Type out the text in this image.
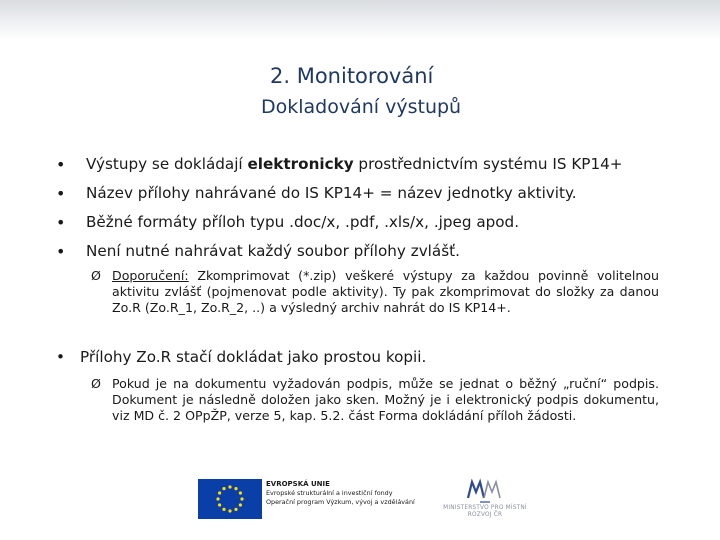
2. Monitorování
Dokladování výstupů
• Výstupy se dokládají elektronicky prostřednictvím systému IS KP14+
• Název přílohy nahrávané do IS KP14+ = název jednotky aktivity.
• Běžné formáty příloh typu .doc/x, .pdf, .xls/x, .jpeg apod.
• Není nutné nahrávat každý soubor přílohy zvlášť.
Ø Doporučení: Zkomprimovat (*.zip) veškeré výstupy za každou povinně volitelnou aktivitu zvlášť (pojmenovat podle aktivity). Ty pak zkomprimovat do složky za danou Zo.R (Zo.R_1, Zo.R_2, ..) a výsledný archiv nahrát do IS KP14+.
• Přílohy Zo.R stačí dokládat jako prostou kopii.
Ø Pokud je na dokumentu vyžadován podpis, může se jednat o běžný „ruční“ podpis. Dokument je následně doložen jako sken. Možný je i elektronický podpis dokumentu, viz MD č. 2 OPpŽP, verze 5, kap. 5.2. část Forma dokládání příloh žádosti.
EVROPSKÁ UNIE
Evropské strukturální a investiční fondy
Operační program Výzkum, vývoj a vzdělávání
MINISTERSTVO PRO MÍSTNÍ ROZVOJ ČR
